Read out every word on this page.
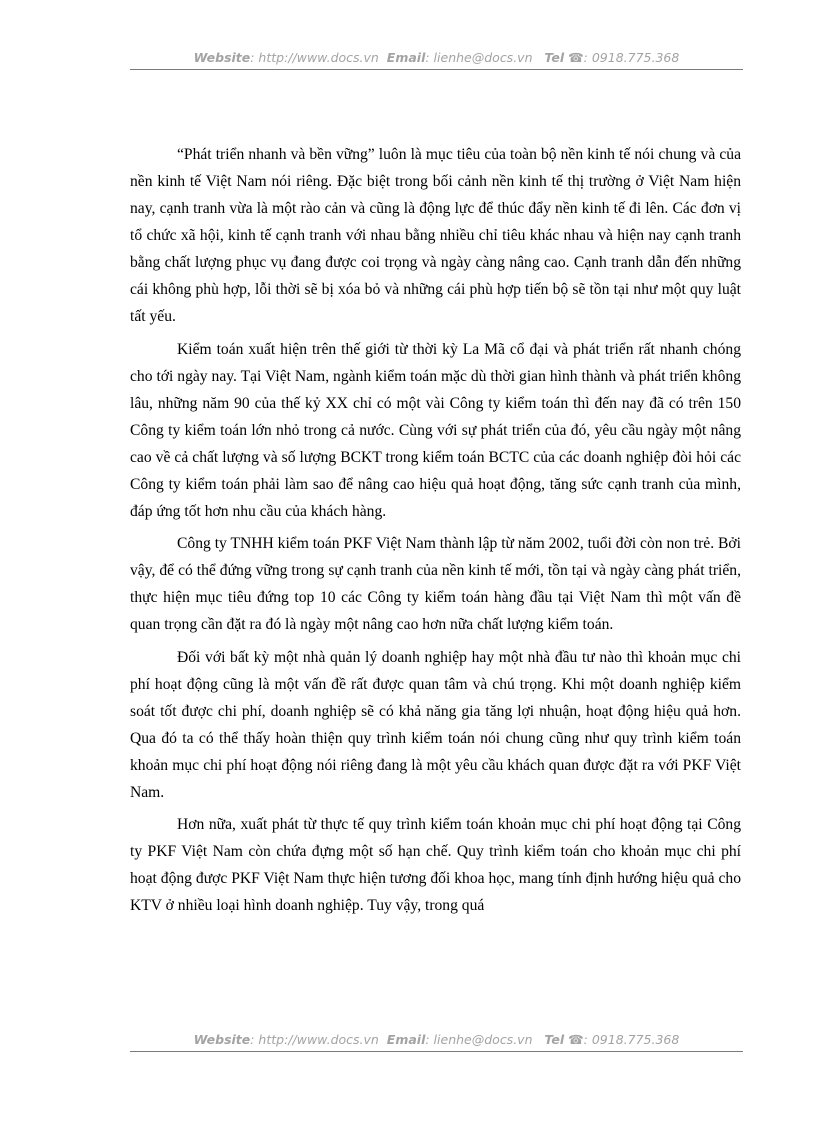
Website: http://www.docs.vn Email: lienhe@docs.vn Tel ☎: 0918.775.368

“Phát triển nhanh và bền vững” luôn là mục tiêu của toàn bộ nền kinh tế nói chung và của nền kinh tế Việt Nam nói riêng. Đặc biệt trong bối cảnh nền kinh tế thị trường ở Việt Nam hiện nay, cạnh tranh vừa là một rào cản và cũng là động lực để thúc đẩy nền kinh tế đi lên. Các đơn vị tổ chức xã hội, kinh tế cạnh tranh với nhau bằng nhiều chỉ tiêu khác nhau và hiện nay cạnh tranh bằng chất lượng phục vụ đang được coi trọng và ngày càng nâng cao. Cạnh tranh dẫn đến những cái không phù hợp, lỗi thời sẽ bị xóa bỏ và những cái phù hợp tiến bộ sẽ tồn tại như một quy luật tất yếu.

Kiểm toán xuất hiện trên thế giới từ thời kỳ La Mã cổ đại và phát triển rất nhanh chóng cho tới ngày nay. Tại Việt Nam, ngành kiểm toán mặc dù thời gian hình thành và phát triển không lâu, những năm 90 của thế kỷ XX chỉ có một vài Công ty kiểm toán thì đến nay đã có trên 150 Công ty kiểm toán lớn nhỏ trong cả nước. Cùng với sự phát triển của đó, yêu cầu ngày một nâng cao về cả chất lượng và số lượng BCKT trong kiểm toán BCTC của các doanh nghiệp đòi hỏi các Công ty kiểm toán phải làm sao để nâng cao hiệu quả hoạt động, tăng sức cạnh tranh của mình, đáp ứng tốt hơn nhu cầu của khách hàng.

Công ty TNHH kiểm toán PKF Việt Nam thành lập từ năm 2002, tuổi đời còn non trẻ. Bởi vậy, để có thể đứng vững trong sự cạnh tranh của nền kinh tế mới, tồn tại và ngày càng phát triển, thực hiện mục tiêu đứng top 10 các Công ty kiểm toán hàng đầu tại Việt Nam thì một vấn đề quan trọng cần đặt ra đó là ngày một nâng cao hơn nữa chất lượng kiểm toán.

Đối với bất kỳ một nhà quản lý doanh nghiệp hay một nhà đầu tư nào thì khoản mục chi phí hoạt động cũng là một vấn đề rất được quan tâm và chú trọng. Khi một doanh nghiệp kiểm soát tốt được chi phí, doanh nghiệp sẽ có khả năng gia tăng lợi nhuận, hoạt động hiệu quả hơn. Qua đó ta có thể thấy hoàn thiện quy trình kiểm toán nói chung cũng như quy trình kiểm toán khoản mục chi phí hoạt động nói riêng đang là một yêu cầu khách quan được đặt ra với PKF Việt Nam.

Hơn nữa, xuất phát từ thực tế quy trình kiểm toán khoản mục chi phí hoạt động tại Công ty PKF Việt Nam còn chứa đựng một số hạn chế. Quy trình kiểm toán cho khoản mục chi phí hoạt động được PKF Việt Nam thực hiện tương đối khoa học, mang tính định hướng hiệu quả cho KTV ở nhiều loại hình doanh nghiệp. Tuy vậy, trong quá

Website: http://www.docs.vn Email: lienhe@docs.vn Tel ☎: 0918.775.368
